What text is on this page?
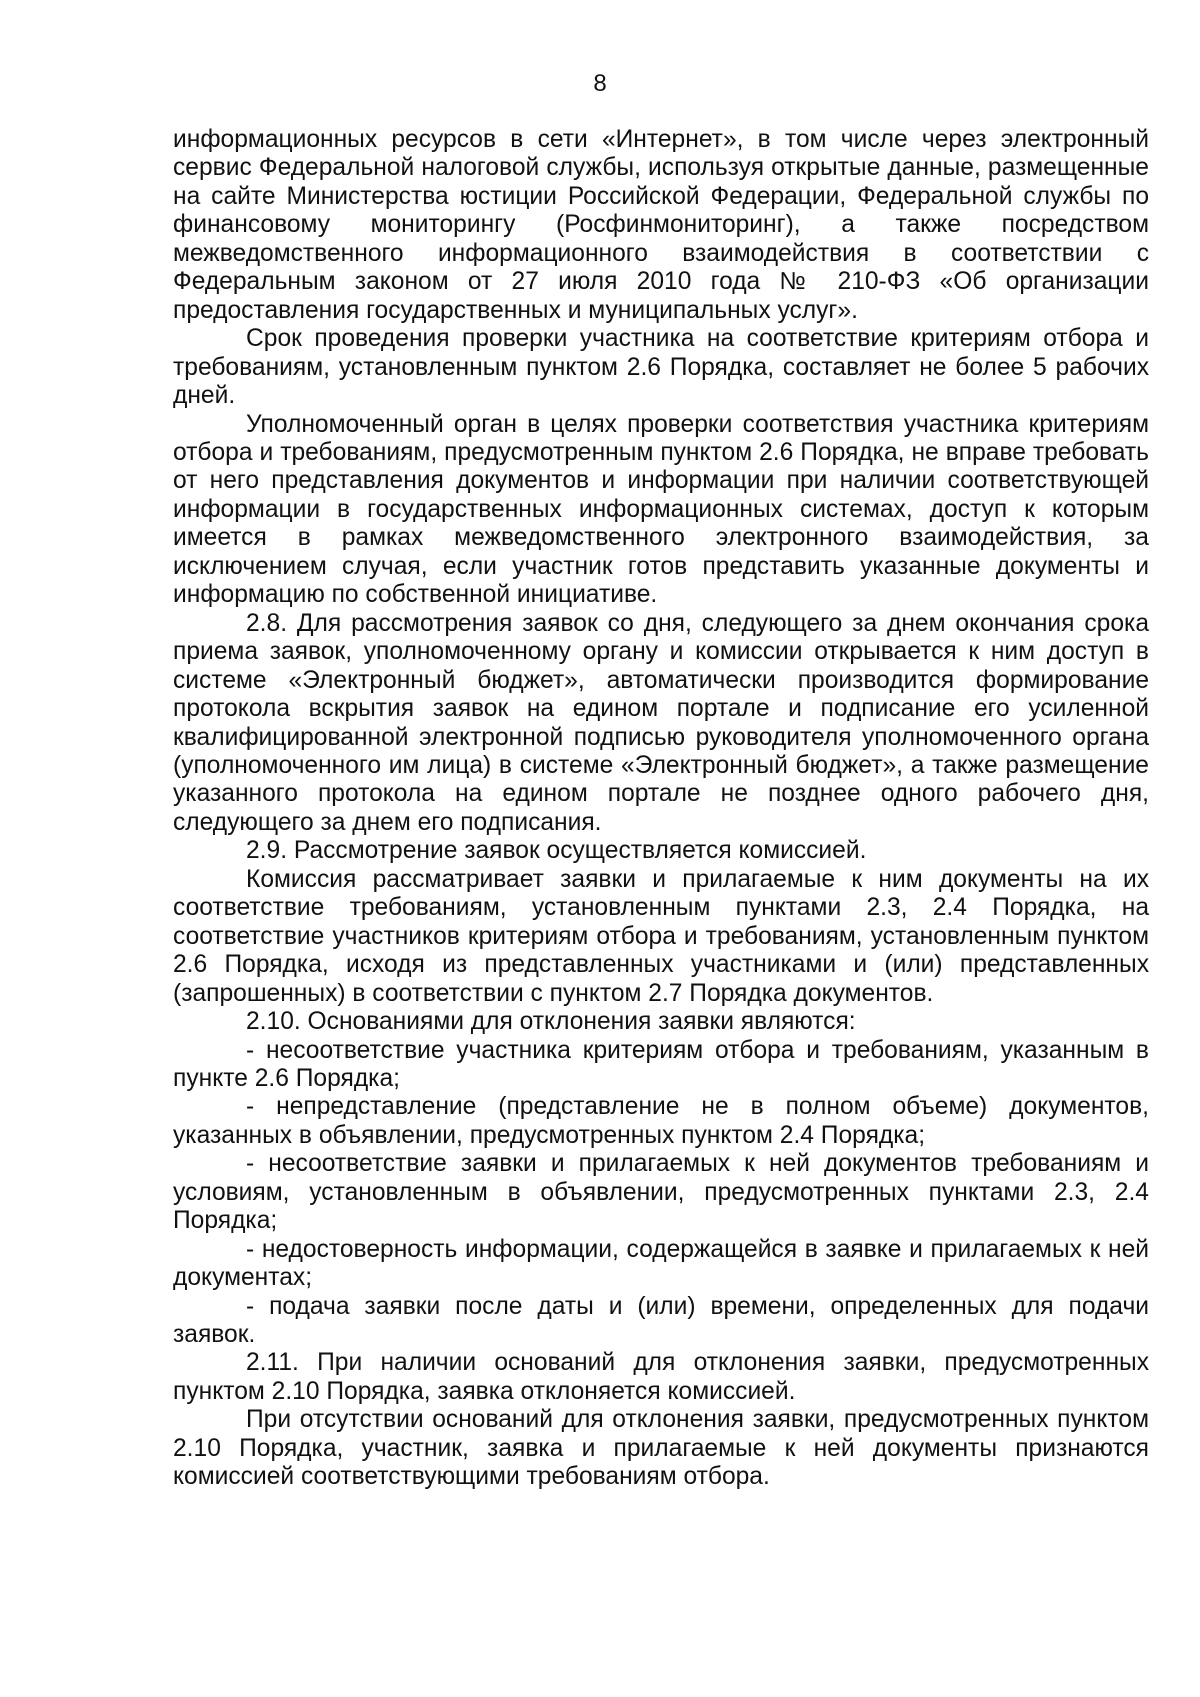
8

информационных ресурсов в сети «Интернет», в том числе через электронный сервис Федеральной налоговой службы, используя открытые данные, размещенные на сайте Министерства юстиции Российской Федерации, Федеральной службы по финансовому мониторингу (Росфинмониторинг), а также посредством межведомственного информационного взаимодействия в соответствии с Федеральным законом от 27 июля 2010 года № 210-ФЗ «Об организации предоставления государственных и муниципальных услуг».

Срок проведения проверки участника на соответствие критериям отбора и требованиям, установленным пунктом 2.6 Порядка, составляет не более 5 рабочих дней.

Уполномоченный орган в целях проверки соответствия участника критериям отбора и требованиям, предусмотренным пунктом 2.6 Порядка, не вправе требовать от него представления документов и информации при наличии соответствующей информации в государственных информационных системах, доступ к которым имеется в рамках межведомственного электронного взаимодействия, за исключением случая, если участник готов представить указанные документы и информацию по собственной инициативе.

2.8. Для рассмотрения заявок со дня, следующего за днем окончания срока приема заявок, уполномоченному органу и комиссии открывается к ним доступ в системе «Электронный бюджет», автоматически производится формирование протокола вскрытия заявок на едином портале и подписание его усиленной квалифицированной электронной подписью руководителя уполномоченного органа (уполномоченного им лица) в системе «Электронный бюджет», а также размещение указанного протокола на едином портале не позднее одного рабочего дня, следующего за днем его подписания.

2.9. Рассмотрение заявок осуществляется комиссией.

Комиссия рассматривает заявки и прилагаемые к ним документы на их соответствие требованиям, установленным пунктами 2.3, 2.4 Порядка, на соответствие участников критериям отбора и требованиям, установленным пунктом 2.6 Порядка, исходя из представленных участниками и (или) представленных (запрошенных) в соответствии с пунктом 2.7 Порядка документов.

2.10. Основаниями для отклонения заявки являются:

- несоответствие участника критериям отбора и требованиям, указанным в пункте 2.6 Порядка;

- непредставление (представление не в полном объеме) документов, указанных в объявлении, предусмотренных пунктом 2.4 Порядка;

- несоответствие заявки и прилагаемых к ней документов требованиям и условиям, установленным в объявлении, предусмотренных пунктами 2.3, 2.4 Порядка;

- недостоверность информации, содержащейся в заявке и прилагаемых к ней документах;

- подача заявки после даты и (или) времени, определенных для подачи заявок.

2.11. При наличии оснований для отклонения заявки, предусмотренных пунктом 2.10 Порядка, заявка отклоняется комиссией.

При отсутствии оснований для отклонения заявки, предусмотренных пунктом 2.10 Порядка, участник, заявка и прилагаемые к ней документы признаются комиссией соответствующими требованиям отбора.
